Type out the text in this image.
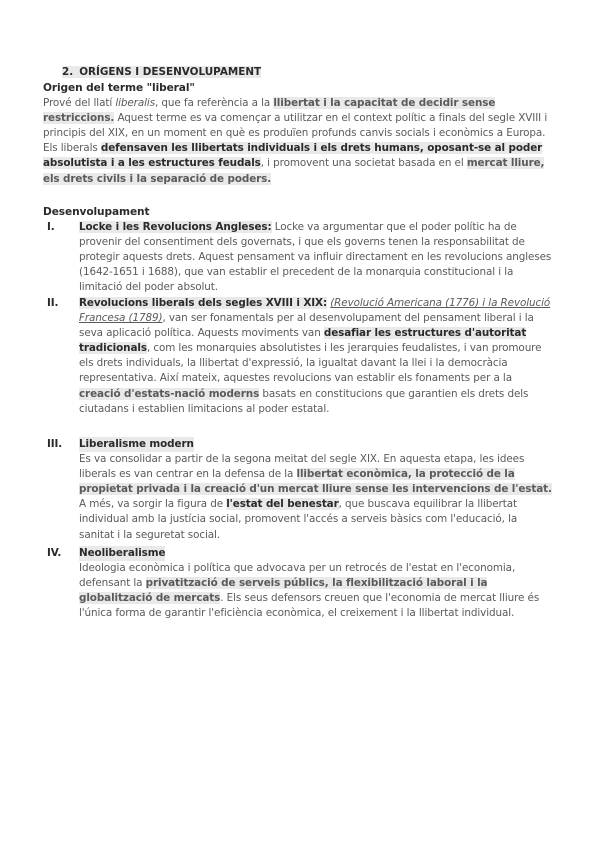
2. ORÍGENS I DESENVOLUPAMENT
Origen del terme "liberal"
Prové del llatí liberalis, que fa referència a la llibertat i la capacitat de decidir sense restriccions. Aquest terme es va començar a utilitzar en el context polític a finals del segle XVIII i principis del XIX, en un moment en què es produïen profunds canvis socials i econòmics a Europa. Els liberals defensaven les llibertats individuals i els drets humans, oposant-se al poder absolutista i a les estructures feudals, i promovent una societat basada en el mercat lliure, els drets civils i la separació de poders.
Desenvolupament
I. Locke i les Revolucions Angleses: Locke va argumentar que el poder polític ha de provenir del consentiment dels governats, i que els governs tenen la responsabilitat de protegir aquests drets. Aquest pensament va influir directament en les revolucions angleses (1642-1651 i 1688), que van establir el precedent de la monarquia constitucional i la limitació del poder absolut.
II. Revolucions liberals dels segles XVIII i XIX: (Revolució Americana (1776) i la Revolució Francesa (1789), van ser fonamentals per al desenvolupament del pensament liberal i la seva aplicació política. Aquests moviments van desafiar les estructures d'autoritat tradicionals, com les monarquies absolutistes i les jerarquies feudalistes, i van promoure els drets individuals, la llibertat d'expressió, la igualtat davant la llei i la democràcia representativa. Així mateix, aquestes revolucions van establir els fonaments per a la creació d'estats-nació moderns basats en constitucions que garantien els drets dels ciutadans i establien limitacions al poder estatal.
III. Liberalisme modern
Es va consolidar a partir de la segona meitat del segle XIX. En aquesta etapa, les idees liberals es van centrar en la defensa de la llibertat econòmica, la protecció de la propietat privada i la creació d'un mercat lliure sense les intervencions de l'estat. A més, va sorgir la figura de l'estat del benestar, que buscava equilibrar la llibertat individual amb la justícia social, promovent l'accés a serveis bàsics com l'educació, la sanitat i la seguretat social.
IV. Neoliberalisme
Ideologia econòmica i política que advocava per un retrocés de l'estat en l'economia, defensant la privatització de serveis públics, la flexibilització laboral i la globalització de mercats. Els seus defensors creuen que l'economia de mercat lliure és l'única forma de garantir l'eficiència econòmica, el creixement i la llibertat individual.
